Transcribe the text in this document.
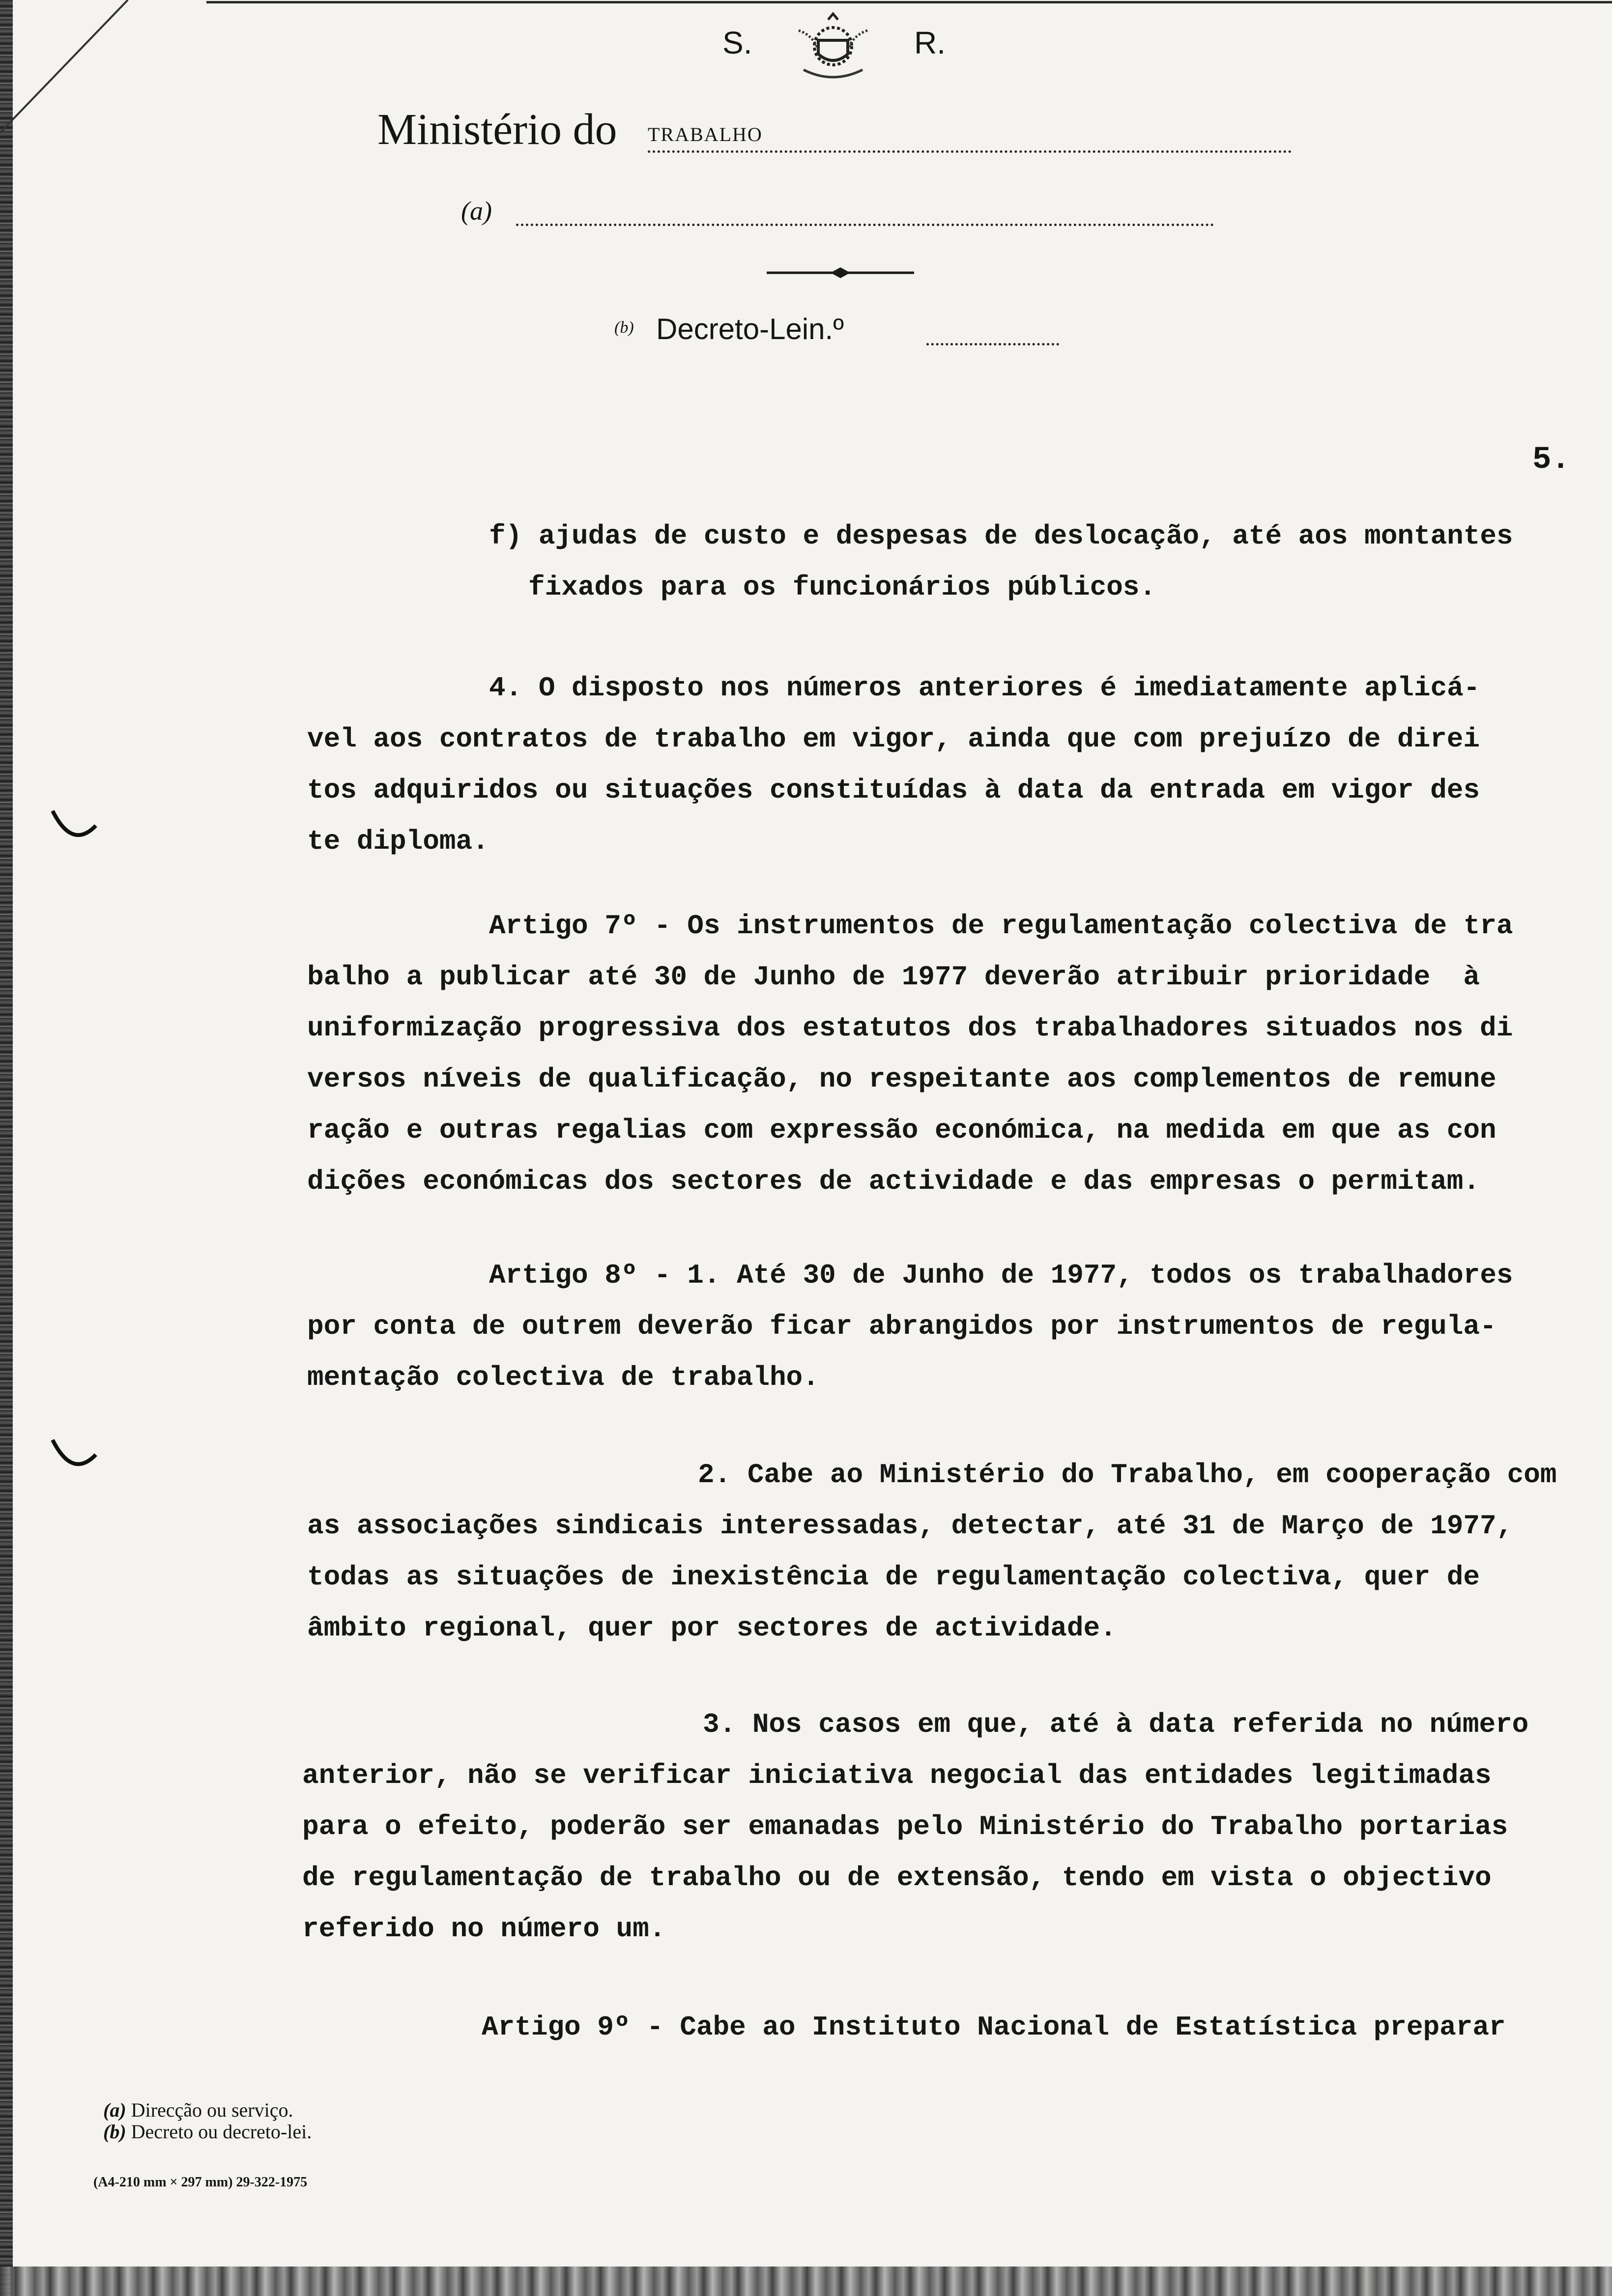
S.	R.
Ministério do TRABALHO
(a)
(b) Decreto-Lein.º
5.
f) ajudas de custo e despesas de deslocação, até aos montantes
fixados para os funcionários públicos.
4. O disposto nos números anteriores é imediatamente aplicá-
vel aos contratos de trabalho em vigor, ainda que com prejuízo de direi
tos adquiridos ou situações constituídas à data da entrada em vigor des
te diploma.
Artigo 7º - Os instrumentos de regulamentação colectiva de tra
balho a publicar até 30 de Junho de 1977 deverão atribuir prioridade  à
uniformização progressiva dos estatutos dos trabalhadores situados nos di
versos níveis de qualificação, no respeitante aos complementos de remune
ração e outras regalias com expressão económica, na medida em que as con
dições económicas dos sectores de actividade e das empresas o permitam.
Artigo 8º - 1. Até 30 de Junho de 1977, todos os trabalhadores
por conta de outrem deverão ficar abrangidos por instrumentos de regula-
mentação colectiva de trabalho.
2. Cabe ao Ministério do Trabalho, em cooperação com
as associações sindicais interessadas, detectar, até 31 de Março de 1977,
todas as situações de inexistência de regulamentação colectiva, quer de
âmbito regional, quer por sectores de actividade.
3. Nos casos em que, até à data referida no número
anterior, não se verificar iniciativa negocial das entidades legitimadas
para o efeito, poderão ser emanadas pelo Ministério do Trabalho portarias
de regulamentação de trabalho ou de extensão, tendo em vista o objectivo
referido no número um.
Artigo 9º - Cabe ao Instituto Nacional de Estatística preparar
(a) Direcção ou serviço.
(b) Decreto ou decreto-lei.
(A4-210 mm × 297 mm) 29-322-1975
